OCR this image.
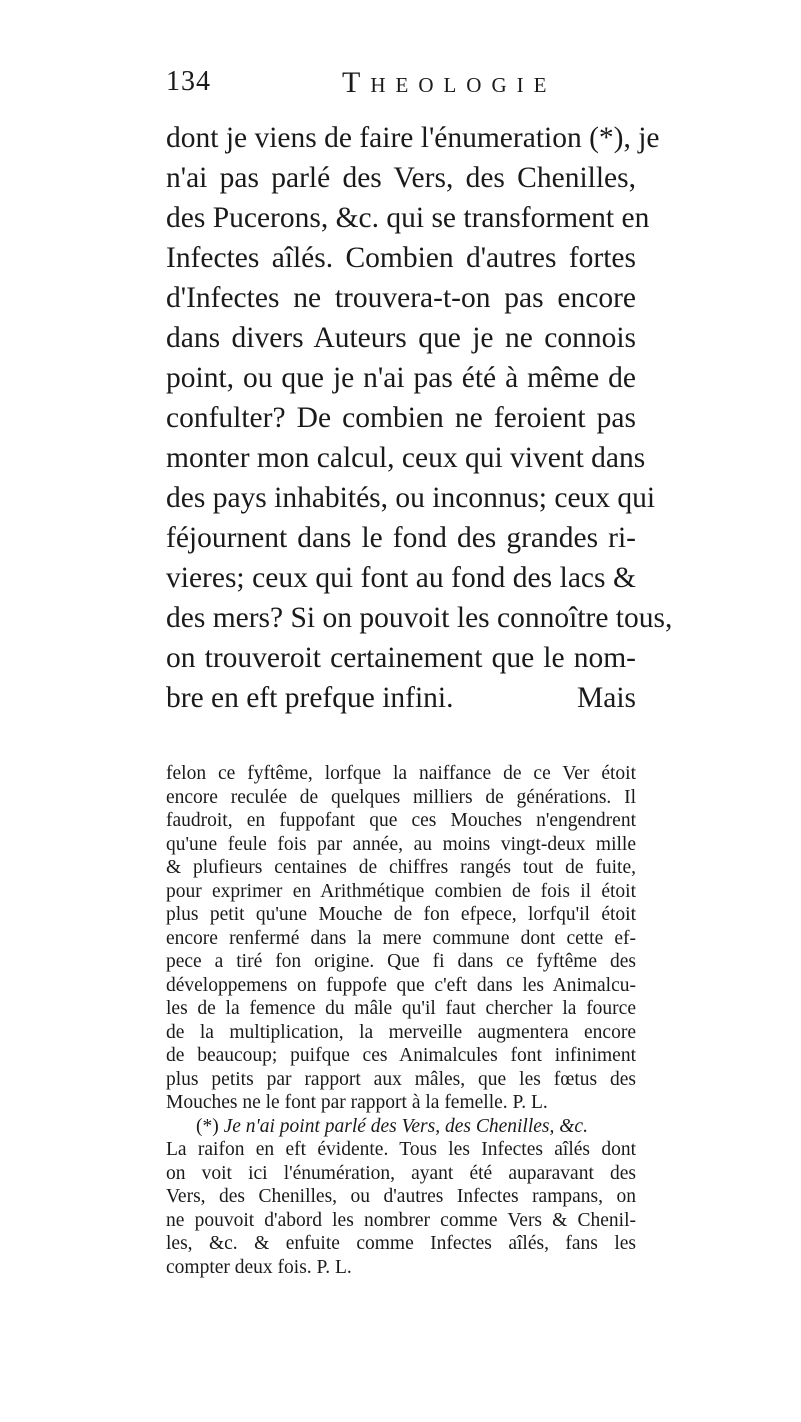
134	Theologie
dont je viens de faire l'énumeration (*), je
n'ai pas parlé des Vers, des Chenilles,
des Pucerons, &c. qui se transforment en
Infectes aîlés. Combien d'autres fortes
d'Infectes ne trouvera-t-on pas encore
dans divers Auteurs que je ne connois
point, ou que je n'ai pas été à même de
confulter? De combien ne feroient pas
monter mon calcul, ceux qui vivent dans
des pays inhabités, ou inconnus; ceux qui
féjournent dans le fond des grandes ri-
vieres; ceux qui font au fond des lacs &
des mers? Si on pouvoit les connoître tous,
on trouveroit certainement que le nom-
bre en eft prefque infini.	Mais
felon ce fyftême, lorfque la naiffance de ce Ver étoit
encore reculée de quelques milliers de générations. Il
faudroit, en fuppofant que ces Mouches n'engendrent
qu'une feule fois par année, au moins vingt-deux mille
& plufieurs centaines de chiffres rangés tout de fuite,
pour exprimer en Arithmétique combien de fois il étoit
plus petit qu'une Mouche de fon efpece, lorfqu'il étoit
encore renfermé dans la mere commune dont cette ef-
pece a tiré fon origine. Que fi dans ce fyftême des
développemens on fuppofe que c'eft dans les Animalcu-
les de la femence du mâle qu'il faut chercher la fource
de la multiplication, la merveille augmentera encore
de beaucoup; puifque ces Animalcules font infiniment
plus petits par rapport aux mâles, que les fœtus des
Mouches ne le font par rapport à la femelle. P. L.
(*) Je n'ai point parlé des Vers, des Chenilles, &c.
La raifon en eft évidente. Tous les Infectes aîlés dont
on voit ici l'énumération, ayant été auparavant des
Vers, des Chenilles, ou d'autres Infectes rampans, on
ne pouvoit d'abord les nombrer comme Vers & Chenil-
les, &c. & enfuite comme Infectes aîlés, fans les
compter deux fois. P. L.
